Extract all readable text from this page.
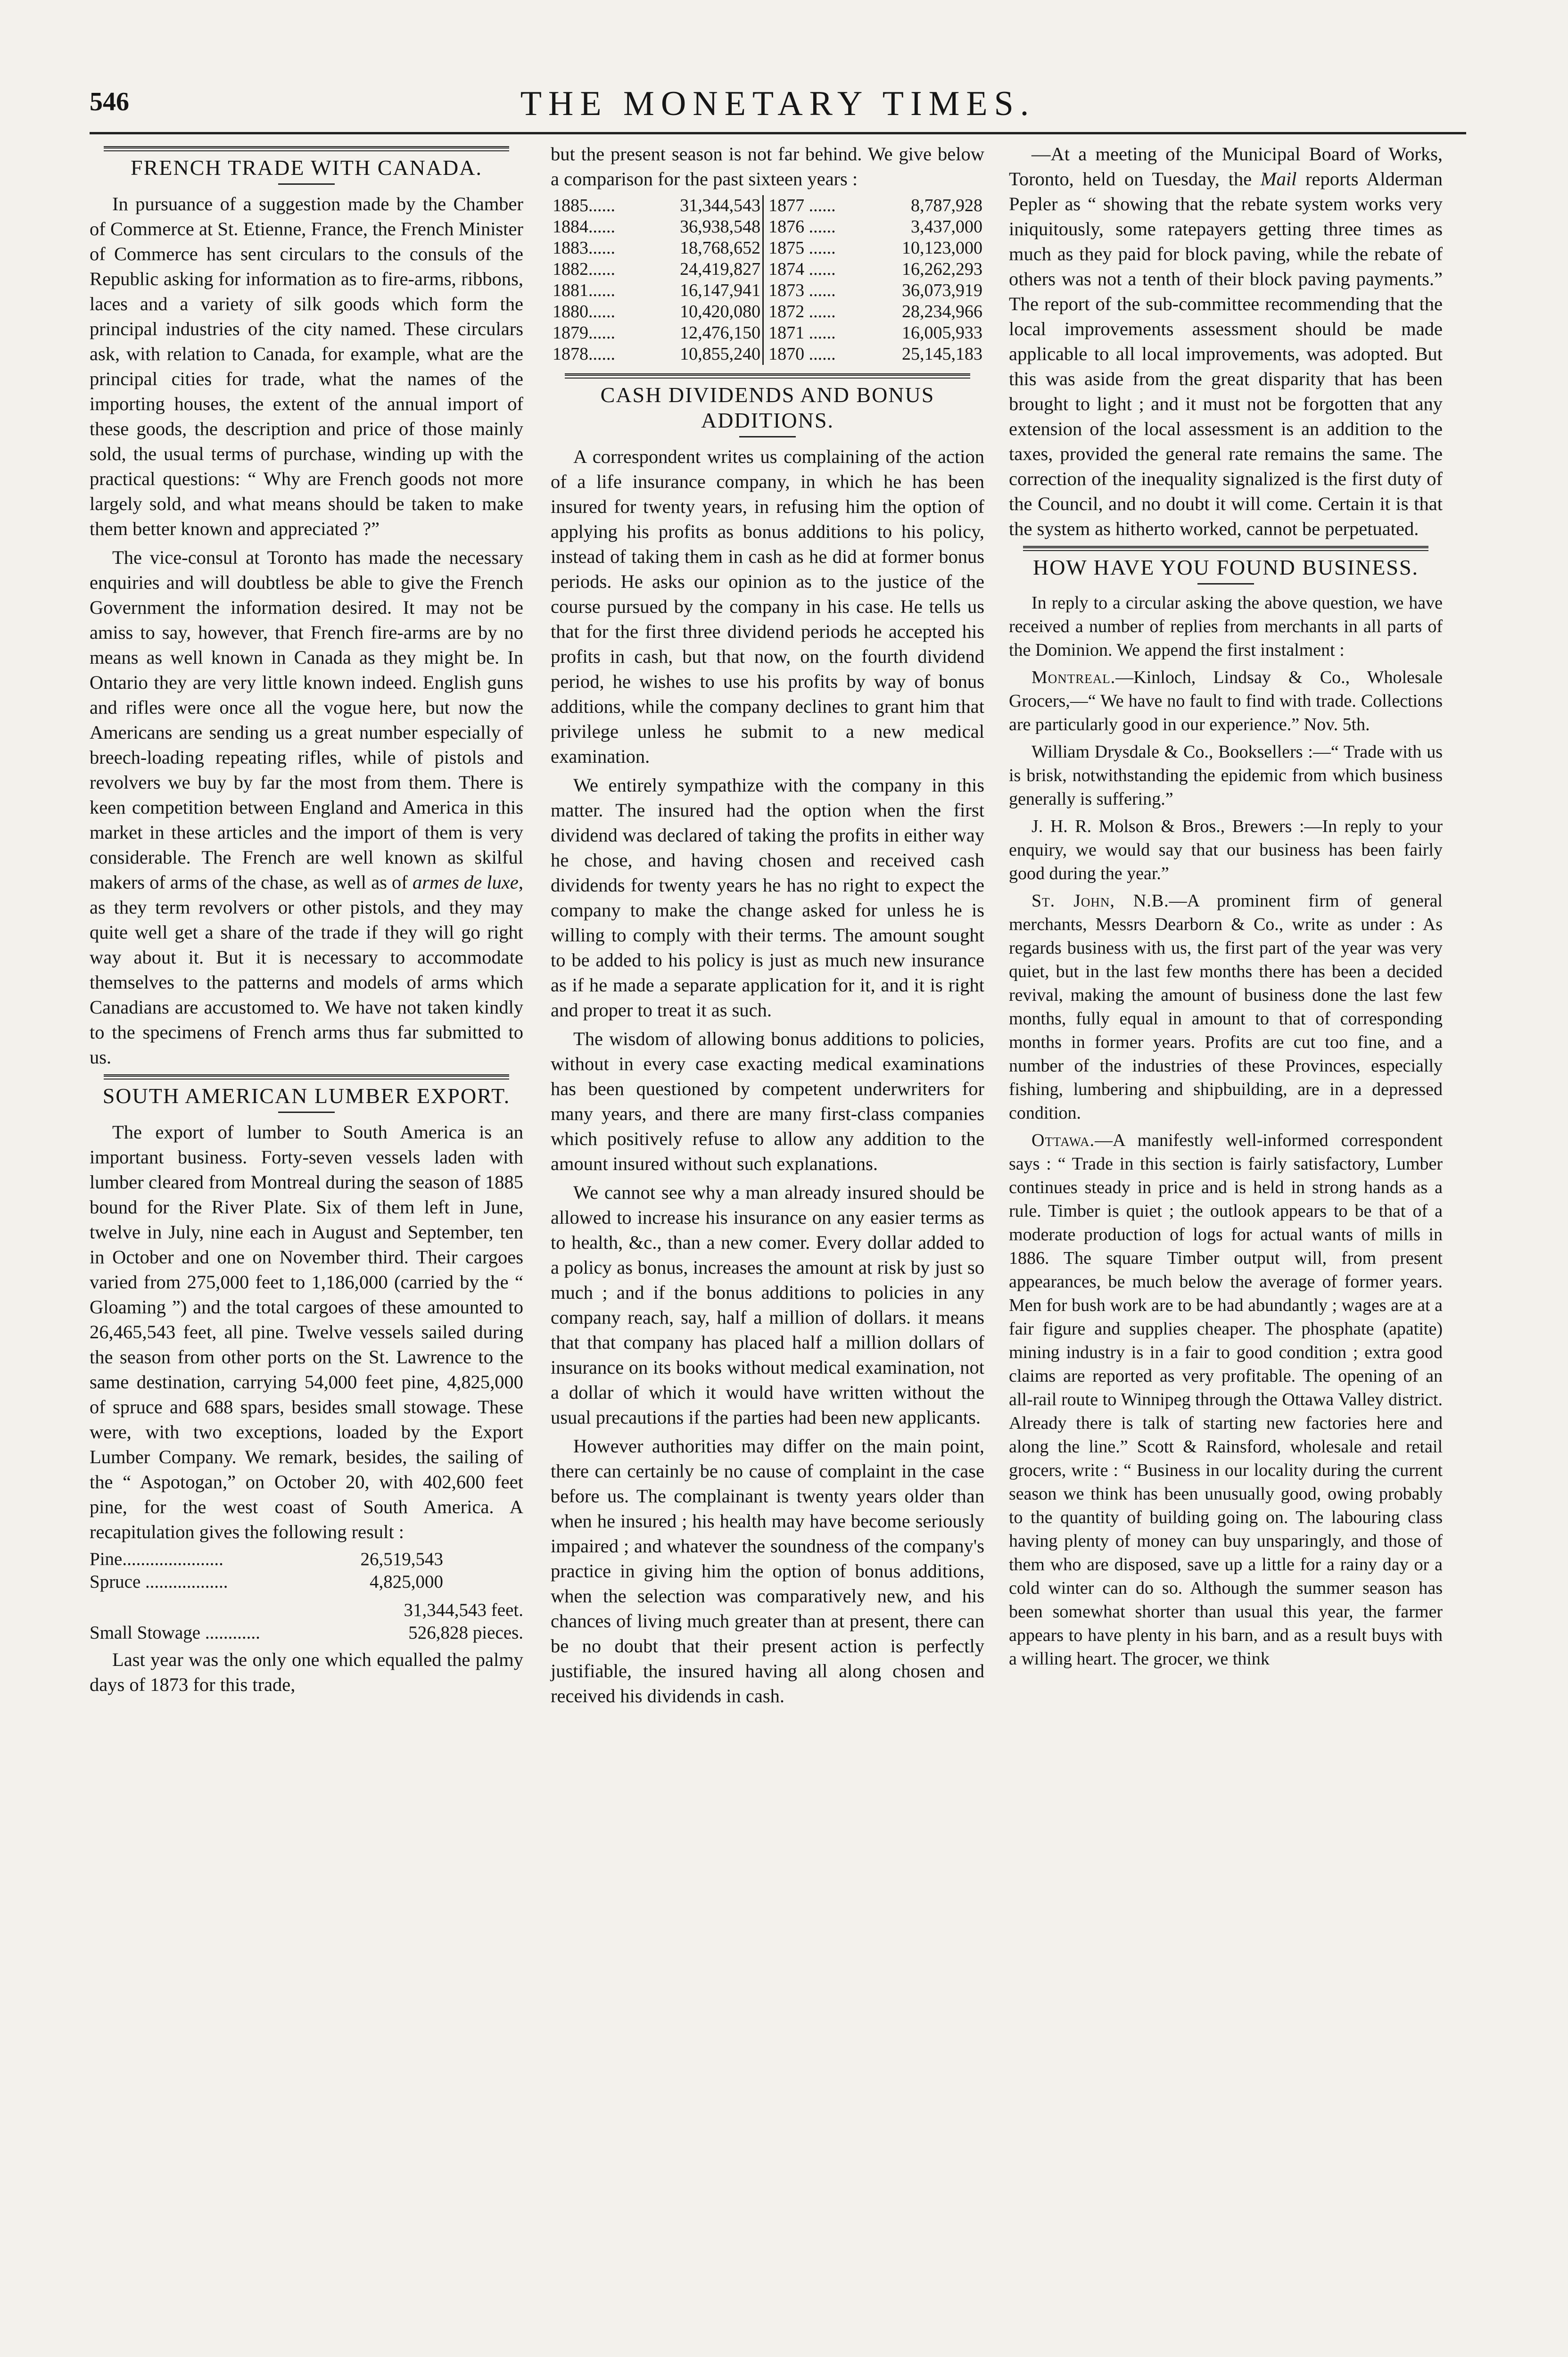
546	THE MONETARY TIMES.
FRENCH TRADE WITH CANADA.

In pursuance of a suggestion made by the Chamber of Commerce at St. Etienne, France, the French Minister of Commerce has sent circulars to the consuls of the Republic asking for information as to fire-arms, ribbons, laces and a variety of silk goods which form the principal industries of the city named. These circulars ask, with relation to Canada, for example, what are the principal cities for trade, what the names of the importing houses, the extent of the annual import of these goods, the description and price of those mainly sold, the usual terms of purchase, winding up with the practical questions: “ Why are French goods not more largely sold, and what means should be taken to make them better known and appreciated ?”

The vice-consul at Toronto has made the necessary enquiries and will doubtless be able to give the French Government the information desired. It may not be amiss to say, however, that French fire-arms are by no means as well known in Canada as they might be. In Ontario they are very little known indeed. English guns and rifles were once all the vogue here, but now the Americans are sending us a great number especially of breech-loading repeating rifles, while of pistols and revolvers we buy by far the most from them. There is keen competition between England and America in this market in these articles and the import of them is very considerable. The French are well known as skilful makers of arms of the chase, as well as of armes de luxe, as they term revolvers or other pistols, and they may quite well get a share of the trade if they will go right way about it. But it is necessary to accommodate themselves to the patterns and models of arms which Canadians are accustomed to. We have not taken kindly to the specimens of French arms thus far submitted to us.

SOUTH AMERICAN LUMBER EXPORT.

The export of lumber to South America is an important business. Forty-seven vessels laden with lumber cleared from Montreal during the season of 1885 bound for the River Plate. Six of them left in June, twelve in July, nine each in August and September, ten in October and one on November third. Their cargoes varied from 275,000 feet to 1,186,000 (carried by the “ Gloaming ”) and the total cargoes of these amounted to 26,465,543 feet, all pine. Twelve vessels sailed during the season from other ports on the St. Lawrence to the same destination, carrying 54,000 feet pine, 4,825,000 of spruce and 688 spars, besides small stowage. These were, with two exceptions, loaded by the Export Lumber Company. We remark, besides, the sailing of the “ Aspotogan,” on October 20, with 402,600 feet pine, for the west coast of South America. A recapitulation gives the following result :

Pine......................	26,519,543
Spruce ..................	4,825,000
	31,344,543 feet.
Small Stowage ............	526,828 pieces.

Last year was the only one which equalled the palmy days of 1873 for this trade,

but the present season is not far behind. We give below a comparison for the past sixteen years :

1885......	31,344,543		1877 ......	8,787,928
1884......	36,938,548		1876 ......	3,437,000
1883......	18,768,652		1875 ......	10,123,000
1882......	24,419,827		1874 ......	16,262,293
1881......	16,147,941		1873 ......	36,073,919
1880......	10,420,080		1872 ......	28,234,966
1879......	12,476,150		1871 ......	16,005,933
1878......	10,855,240		1870 ......	25,145,183
CASH DIVIDENDS AND BONUS ADDITIONS.

A correspondent writes us complaining of the action of a life insurance company, in which he has been insured for twenty years, in refusing him the option of applying his profits as bonus additions to his policy, instead of taking them in cash as he did at former bonus periods. He asks our opinion as to the justice of the course pursued by the company in his case. He tells us that for the first three dividend periods he accepted his profits in cash, but that now, on the fourth dividend period, he wishes to use his profits by way of bonus additions, while the company declines to grant him that privilege unless he submit to a new medical examination.

We entirely sympathize with the company in this matter. The insured had the option when the first dividend was declared of taking the profits in either way he chose, and having chosen and received cash dividends for twenty years he has no right to expect the company to make the change asked for unless he is willing to comply with their terms. The amount sought to be added to his policy is just as much new insurance as if he made a separate application for it, and it is right and proper to treat it as such.

The wisdom of allowing bonus additions to policies, without in every case exacting medical examinations has been questioned by competent underwriters for many years, and there are many first-class companies which positively refuse to allow any addition to the amount insured without such explanations.

We cannot see why a man already insured should be allowed to increase his insurance on any easier terms as to health, &c., than a new comer. Every dollar added to a policy as bonus, increases the amount at risk by just so much ; and if the bonus additions to policies in any company reach, say, half a million of dollars. it means that that company has placed half a million dollars of insurance on its books without medical examination, not a dollar of which it would have written without the usual precautions if the parties had been new applicants.

However authorities may differ on the main point, there can certainly be no cause of complaint in the case before us. The complainant is twenty years older than when he insured ; his health may have become seriously impaired ; and whatever the soundness of the company's practice in giving him the option of bonus additions, when the selection was comparatively new, and his chances of living much greater than at present, there can be no doubt that their present action is perfectly justifiable, the insured having all along chosen and received his dividends in cash.

—At a meeting of the Municipal Board of Works, Toronto, held on Tuesday, the Mail reports Alderman Pepler as “ showing that the rebate system works very iniquitously, some ratepayers getting three times as much as they paid for block paving, while the rebate of others was not a tenth of their block paving payments.” The report of the sub-committee recommending that the local improvements assessment should be made applicable to all local improvements, was adopted. But this was aside from the great disparity that has been brought to light ; and it must not be forgotten that any extension of the local assessment is an addition to the taxes, provided the general rate remains the same. The correction of the inequality signalized is the first duty of the Council, and no doubt it will come. Certain it is that the system as hitherto worked, cannot be perpetuated.

HOW HAVE YOU FOUND BUSINESS.

In reply to a circular asking the above question, we have received a number of replies from merchants in all parts of the Dominion. We append the first instalment :

Montreal.—Kinloch, Lindsay & Co., Wholesale Grocers,—“ We have no fault to find with trade. Collections are particularly good in our experience.” Nov. 5th.

William Drysdale & Co., Booksellers :—“ Trade with us is brisk, notwithstanding the epidemic from which business generally is suffering.”

J. H. R. Molson & Bros., Brewers :—In reply to your enquiry, we would say that our business has been fairly good during the year.”

St. John, N.B.—A prominent firm of general merchants, Messrs Dearborn & Co., write as under : As regards business with us, the first part of the year was very quiet, but in the last few months there has been a decided revival, making the amount of business done the last few months, fully equal in amount to that of corresponding months in former years. Profits are cut too fine, and a number of the industries of these Provinces, especially fishing, lumbering and shipbuilding, are in a depressed condition.

Ottawa.—A manifestly well-informed correspondent says : “ Trade in this section is fairly satisfactory, Lumber continues steady in price and is held in strong hands as a rule. Timber is quiet ; the outlook appears to be that of a moderate production of logs for actual wants of mills in 1886. The square Timber output will, from present appearances, be much below the average of former years. Men for bush work are to be had abundantly ; wages are at a fair figure and supplies cheaper. The phosphate (apatite) mining industry is in a fair to good condition ; extra good claims are reported as very profitable. The opening of an all-rail route to Winnipeg through the Ottawa Valley district. Already there is talk of starting new factories here and along the line.” Scott & Rainsford, wholesale and retail grocers, write : “ Business in our locality during the current season we think has been unusually good, owing probably to the quantity of building going on. The labouring class having plenty of money can buy unsparingly, and those of them who are disposed, save up a little for a rainy day or a cold winter can do so. Although the summer season has been somewhat shorter than usual this year, the farmer appears to have plenty in his barn, and as a result buys with a willing heart. The grocer, we think
